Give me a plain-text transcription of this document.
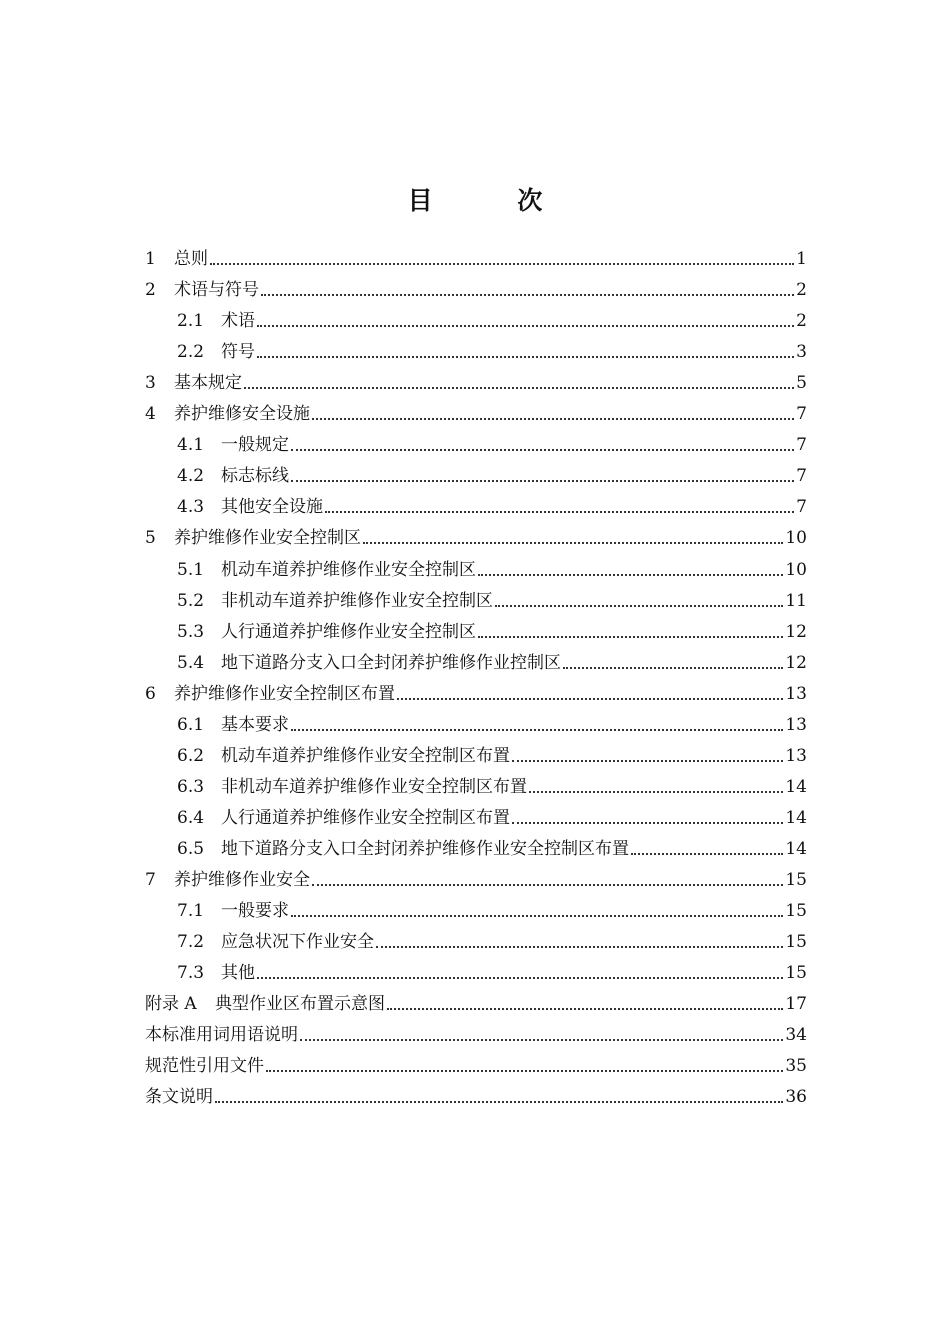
目 次
1	总则	1
2	术语与符号	2
2.1 术语	2
2.2 符号	3
3	基本规定	5
4	养护维修安全设施	7
4.1 一般规定	7
4.2 标志标线	7
4.3 其他安全设施	7
5	养护维修作业安全控制区	10
5.1 机动车道养护维修作业安全控制区	10
5.2 非机动车道养护维修作业安全控制区	11
5.3 人行通道养护维修作业安全控制区	12
5.4 地下道路分支入口全封闭养护维修作业控制区	12
6	养护维修作业安全控制区布置	13
6.1 基本要求	13
6.2 机动车道养护维修作业安全控制区布置	13
6.3 非机动车道养护维修作业安全控制区布置	14
6.4 人行通道养护维修作业安全控制区布置	14
6.5 地下道路分支入口全封闭养护维修作业安全控制区布置	14
7	养护维修作业安全	15
7.1 一般要求	15
7.2 应急状况下作业安全	15
7.3 其他	15
附录 A	典型作业区布置示意图	17
本标准用词用语说明	34
规范性引用文件	35
条文说明	36
